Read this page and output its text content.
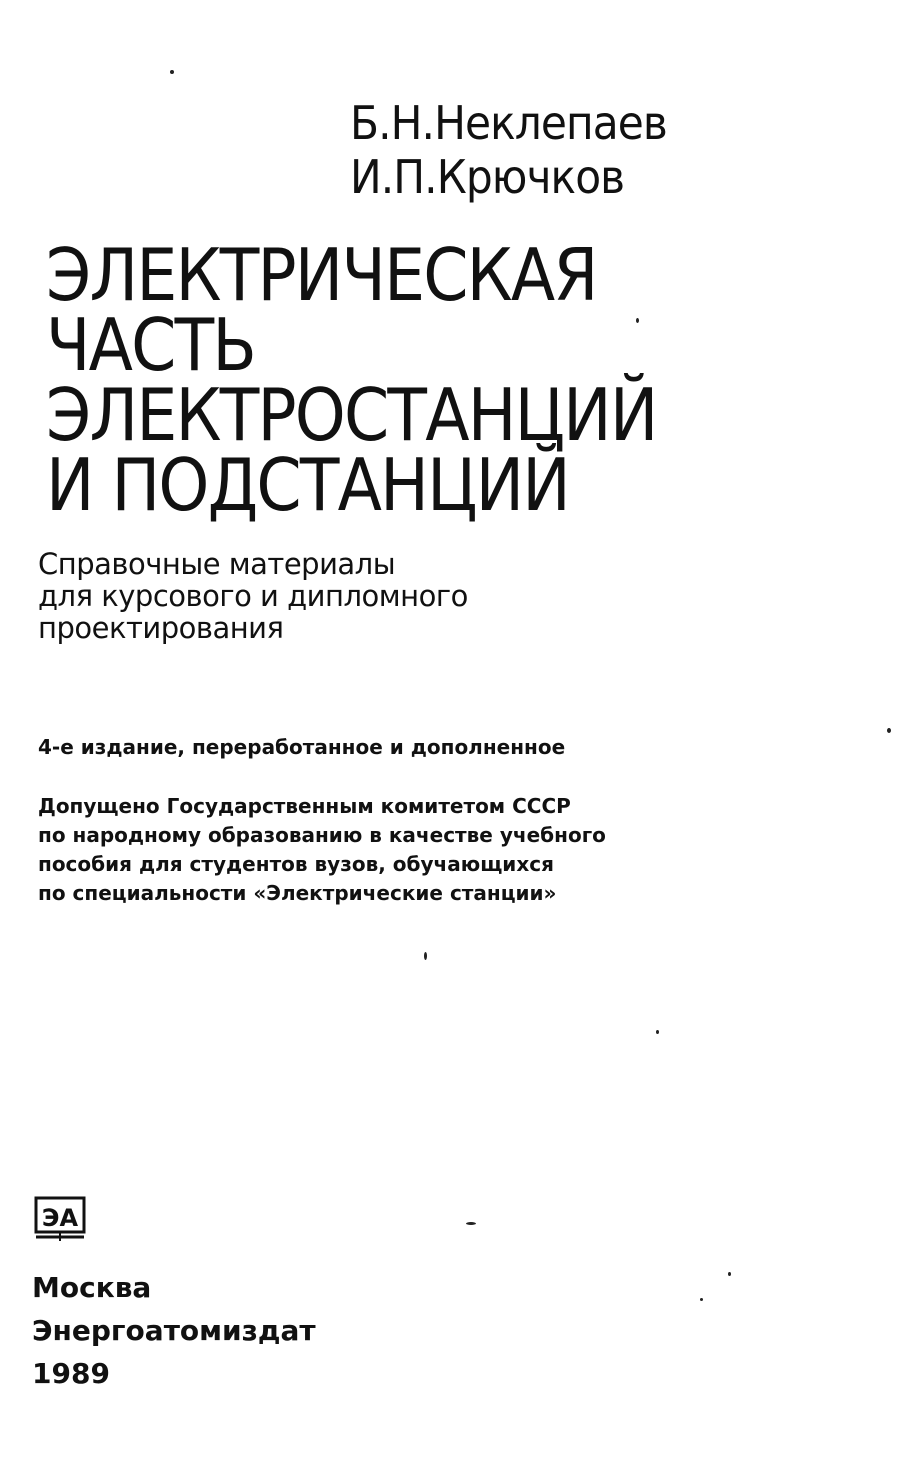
Б.Н.Неклепаев
И.П.Крючков
ЭЛЕКТРИЧЕСКАЯ
ЧАСТЬ
ЭЛЕКТРОСТАНЦИЙ
И ПОДСТАНЦИЙ
Справочные материалы
для курсового и дипломного
проектирования
4-е издание, переработанное и дополненное
Допущено Государственным комитетом СССР
по народному образованию в качестве учебного
пособия для студентов вузов, обучающихся
по специальности «Электрические станции»
ЭА
Москва
Энергоатомиздат
1989
